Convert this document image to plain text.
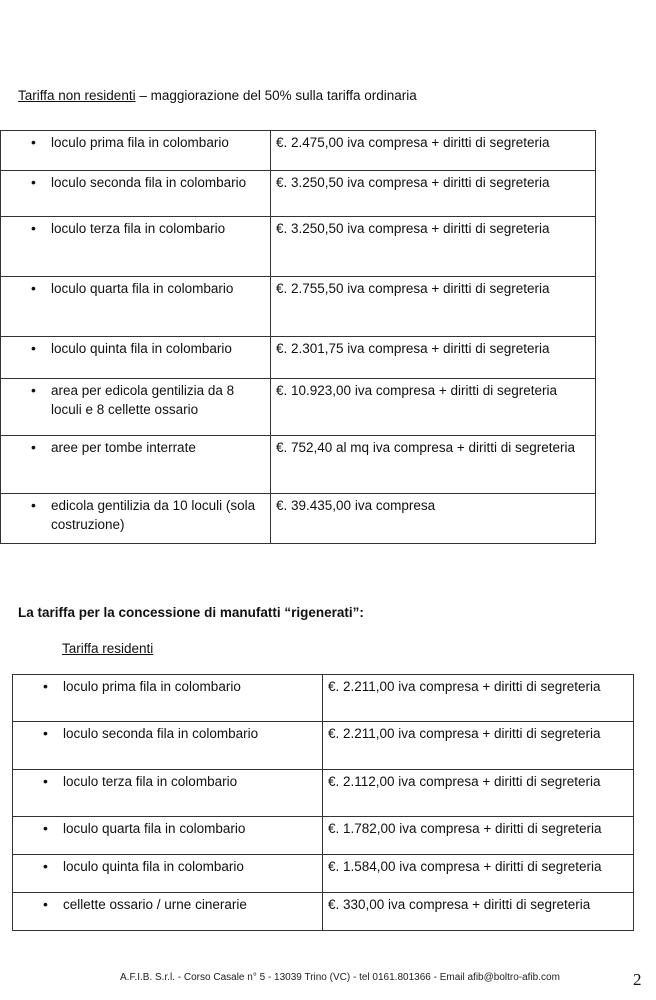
Tariffa non residenti – maggiorazione del 50% sulla tariffa ordinaria
• loculo prima fila in colombario	€. 2.475,00 iva compresa + diritti di segreteria

• loculo seconda fila in colombario	€. 3.250,50 iva compresa + diritti di segreteria

• loculo terza fila in colombario	€. 3.250,50 iva compresa + diritti di segreteria

• loculo quarta fila in colombario	€. 2.755,50 iva compresa + diritti di segreteria

• loculo quinta fila in colombario	€. 2.301,75 iva compresa + diritti di segreteria

• area per edicola gentilizia da 8 loculi e 8 cellette ossario	€. 10.923,00 iva compresa + diritti di segreteria

• aree per tombe interrate	€. 752,40 al mq iva compresa + diritti di segreteria

• edicola gentilizia da 10 loculi (sola costruzione)	€. 39.435,00 iva compresa
La tariffa per la concessione di manufatti “rigenerati”:
Tariffa residenti
• loculo prima fila in colombario	€. 2.211,00 iva compresa + diritti di segreteria

• loculo seconda fila in colombario	€. 2.211,00 iva compresa + diritti di segreteria

• loculo terza fila in colombario	€. 2.112,00 iva compresa + diritti di segreteria

• loculo quarta fila in colombario	€. 1.782,00 iva compresa + diritti di segreteria

• loculo quinta fila in colombario	€. 1.584,00 iva compresa + diritti di segreteria

• cellette ossario / urne cinerarie	€. 330,00 iva compresa + diritti di segreteria
A.F.I.B. S.r.l. - Corso Casale n° 5 - 13039 Trino (VC) - tel 0161.801366 - Email afib@boltro-afib.com	2
